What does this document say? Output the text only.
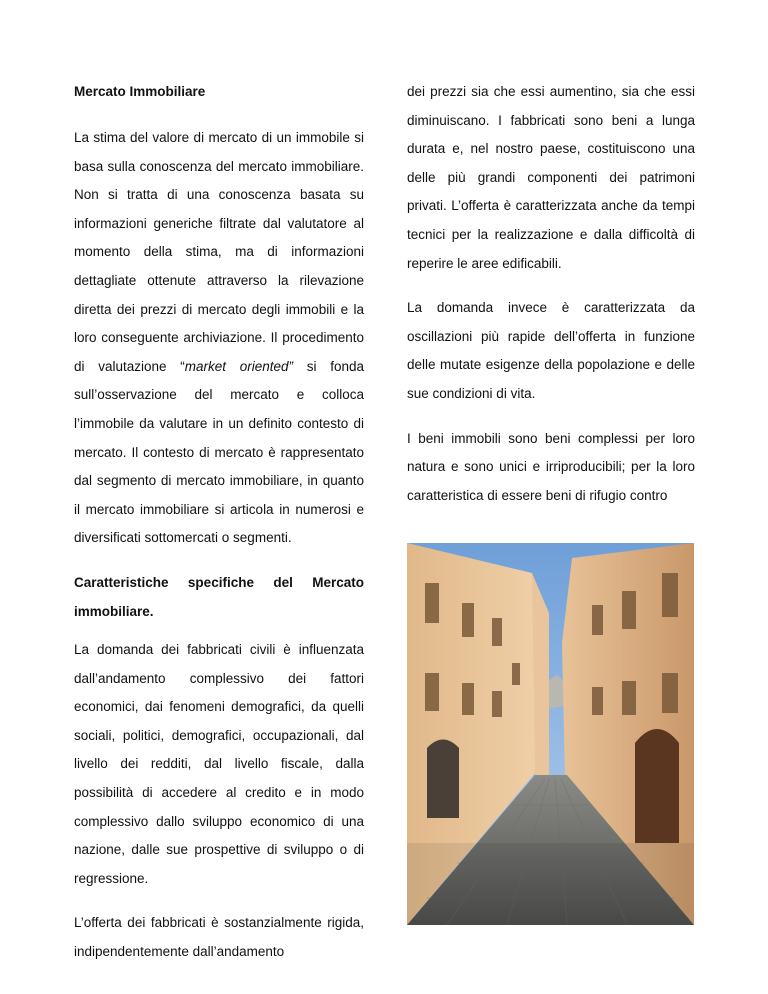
Mercato Immobiliare

La stima del valore di mercato di un immobile si basa sulla conoscenza del mercato immobiliare. Non si tratta di una conoscenza basata su informazioni generiche filtrate dal valutatore al momento della stima, ma di informazioni dettagliate ottenute attraverso la rilevazione diretta dei prezzi di mercato degli immobili e la loro conseguente archiviazione. Il procedimento di valutazione “market oriented” si fonda sull’osservazione del mercato e colloca l’immobile da valutare in un definito contesto di mercato. Il contesto di mercato è rappresentato dal segmento di mercato immobiliare, in quanto il mercato immobiliare si articola in numerosi e diversificati sottomercati o segmenti.

Caratteristiche specifiche del Mercato
immobiliare.

La domanda dei fabbricati civili è influenzata dall’andamento complessivo dei fattori economici, dai fenomeni demografici, da quelli sociali, politici, demografici, occupazionali, dal livello dei redditi, dal livello fiscale, dalla possibilità di accedere al credito e in modo complessivo dallo sviluppo economico di una nazione, dalle sue prospettive di sviluppo o di regressione.

L’offerta dei fabbricati è sostanzialmente rigida, indipendentemente dall’andamento

dei prezzi sia che essi aumentino, sia che essi diminuiscano. I fabbricati sono beni a lunga durata e, nel nostro paese, costituiscono una delle più grandi componenti dei patrimoni privati. L’offerta è caratterizzata anche da tempi tecnici per la realizzazione e dalla difficoltà di reperire le aree edificabili.

La domanda invece è caratterizzata da oscillazioni più rapide dell’offerta in funzione delle mutate esigenze della popolazione e delle sue condizioni di vita.

I beni immobili sono beni complessi per loro natura e sono unici e irriproducibili; per la loro caratteristica di essere beni di rifugio contro
